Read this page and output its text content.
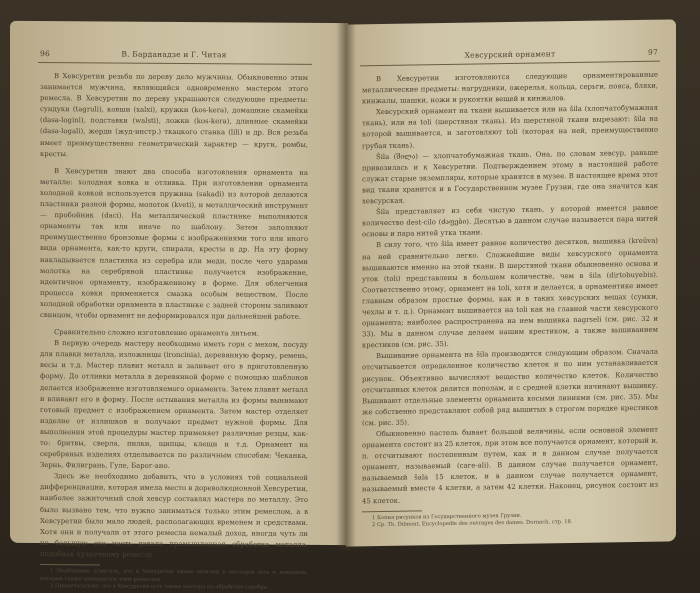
96	В. Барданадзе и Г. Читая

В Хевсуретии резьба по дереву дело мужчины. Обыкновенно этим занимается мужчина, являющийся одновременно мастером этого ремесла. В Хевсуретии по дереву украшаются следующие предметы: сундуки (tagruli), ковши (xalxi), кружки (kos-kera), домашние скамейки (dasa-logini), подставки (walsti), ложки (kos-kera), длинные скамейки (dasa-logali), жерди (жуд-инстр.) ткацкого станка (lili) и др. Вся резьба имеет преимущественно геометрический характер — круги, ромбы, кресты.

В Хевсуретии знают два способа изготовления орнамента на металле: холодная ковка и отливка. При изготовлении орнамента холодной ковкой используется пружина (sakadi) из которой делаются пластинки разной формы, молоток (kveti), и металлический инструмент — пробойник (daci). На металлической пластинке выполняются орнаменты так или иначе по шаблону. Затем заполняют преимущественно бронзовые формы с изображениями того или иного вида орнамента, как-то круги, спирали, кресты и др. На эту форму накладывается пластинка из серебра или меди, после чего ударами молотка на серебряной пластинке получается изображение, идентичное орнаменту, изображенному в форме. Для облегчения процесса ковки применяется смазка особым веществом. После холодной обработки орнамента в пластинке с задней стороны заливают свинцом, чтобы орнамент не деформировался при дальнейшей работе.

Сравнительно сложно изготовление орнамента литьем.

В первую очередь мастеру необходимо иметь горн с мехом, посуду для плавки металла, изложницы (ironcinia), деревянную форму, ремень, весы и т.д. Мастер плавит металл и заливает его в приготовленную форму. До отливки металла в деревянной форме с помощью шаблонов делается изображение изготовляемого орнамента. Затем плавят металл и вливают его в форму. После остывания металла из формы вынимают готовый предмет с изображением орнамента. Затем мастер отделяет изделие от излишков и получают предмет нужной формы. Для выполнения этой процедуры мастер применяет различные резцы, как-то: бритвы, сверла, пилки, щипцы, клещи и т.д. Орнамент на серебряных изделиях отделывается по различным способам: Чеканка, Зернь, Филигрань, Гуле, Барог-ано.

Здесь же необходимо добавить, что в условиях той социальной дифференциации, которая имела место в дореволюционной Хевсуретии, наиболее зажиточный слой хевсур составлял мастера по металлу. Это было вызвано тем, что нужно заниматься только этим ремеслом, а в Хевсуретии было мало людей, располагающих временем и средствами. Хотя они и получали от этого ремесла немалый доход, иногда чуть ли не большую его часть давала промышленная обработка металла, подобная кузнечному ремеслу.

1 Необходимо отметить, что в Хевсуретии кроме мужчин и мастеров есть и женщины, которые также занимаются этим ремеслом.

2 Примечательно, что в Хевсуретии есть также мастера по обработке серебра.

Хевсурский орнамент	97

В Хевсуретии изготовляются следующие орнаментированные металлические предметы: нагрудники, ожерелья, кольца, серьги, пояса, бляхи, кинжалы, шашки, ножи и рукоятки вещей и кинжалов.

Хевсурский орнамент на ткани вышивается или на šila (хлопчатобумажная ткань), или на toli (шерстяная ткань). Из шерстяной ткани вырезают: šila на которой вышивается, и заготовляют toli (которая на ней, преимущественно грубая ткань).

Šila (შილა) — хлопчатобумажная ткань. Она, по словам хевсур, раньше привозилась и к Хевсуретии. Подтверждением этому в настоящей работе служат старые экземпляры, которые хранятся в музее. В настоящее время этот вид ткани хранится и в Государственном музее Грузии, где она значится как хевсурская.

Šila представляет из себя чистую ткань, у которой имеется равное количество dest-cilo (ძაფები). Десятью в данном случае называется пара нитей основы и пара нитей утка ткани.

В силу того, что šila имеет равное количество десятков, вышивка (kreüva) на ней сравнительно легко. Сложнейшие виды хевсурского орнамента вышиваются именно на этой ткани. В шерстяной ткани обыкновенно основа и уток (toli) представлены в большем количестве, чем в šila (dirtobuyebis). Соответственно этому, орнамент на toli, хотя и делается, в орнаментике имеет главным образом простые формы, как и в таких хевсурских вещах (сумки, чехлы и т. д.). Орнамент вышивается на toli как на главной части хевсурского орнамента; наиболее распространена на нем вышивка nagrseli (см. рис. 32 и 33). Мы в данном случае делаем нашим крестиком, а также вышиванием крестиков (см. рис. 35).

Вышивание орнамента на šila производится следующим образом. Сначала отсчитывается определенное количество клеток и по ним устанавливается рисунок. Объективно вычисляют вещество количество клеток. Количество отсчитанных клеток делится пополам, и с средней клетки начинают вышивку. Вышивают отдельные элементы орнамента косыми линиями (см. рис. 35). Мы же собственно представляют собой ряд вышитых в строгом порядке крестиков (см. рис. 35).

Обыкновенно пастель бывает большой величины, если основной элемент орнамента состоит из 25 клеток, при этом все получается орнамент, который и. п. отсчитывают постепенным путем, как и в данном случае получается орнамент, называемый (саге-ali). В данном случае получается орнамент, называемый šala 15 клеток, и в данном случае получается орнамент, называемый вместе 4 клетки, а затем 42 клетки. Наконец, рисунок состоит из 45 клеток.

1 Копия рисунков из Государственного музея Грузии.

2 Ср. Th. Dilmont, Encyclopedie des ouvrages des dames. Dornach, стр. 18.
